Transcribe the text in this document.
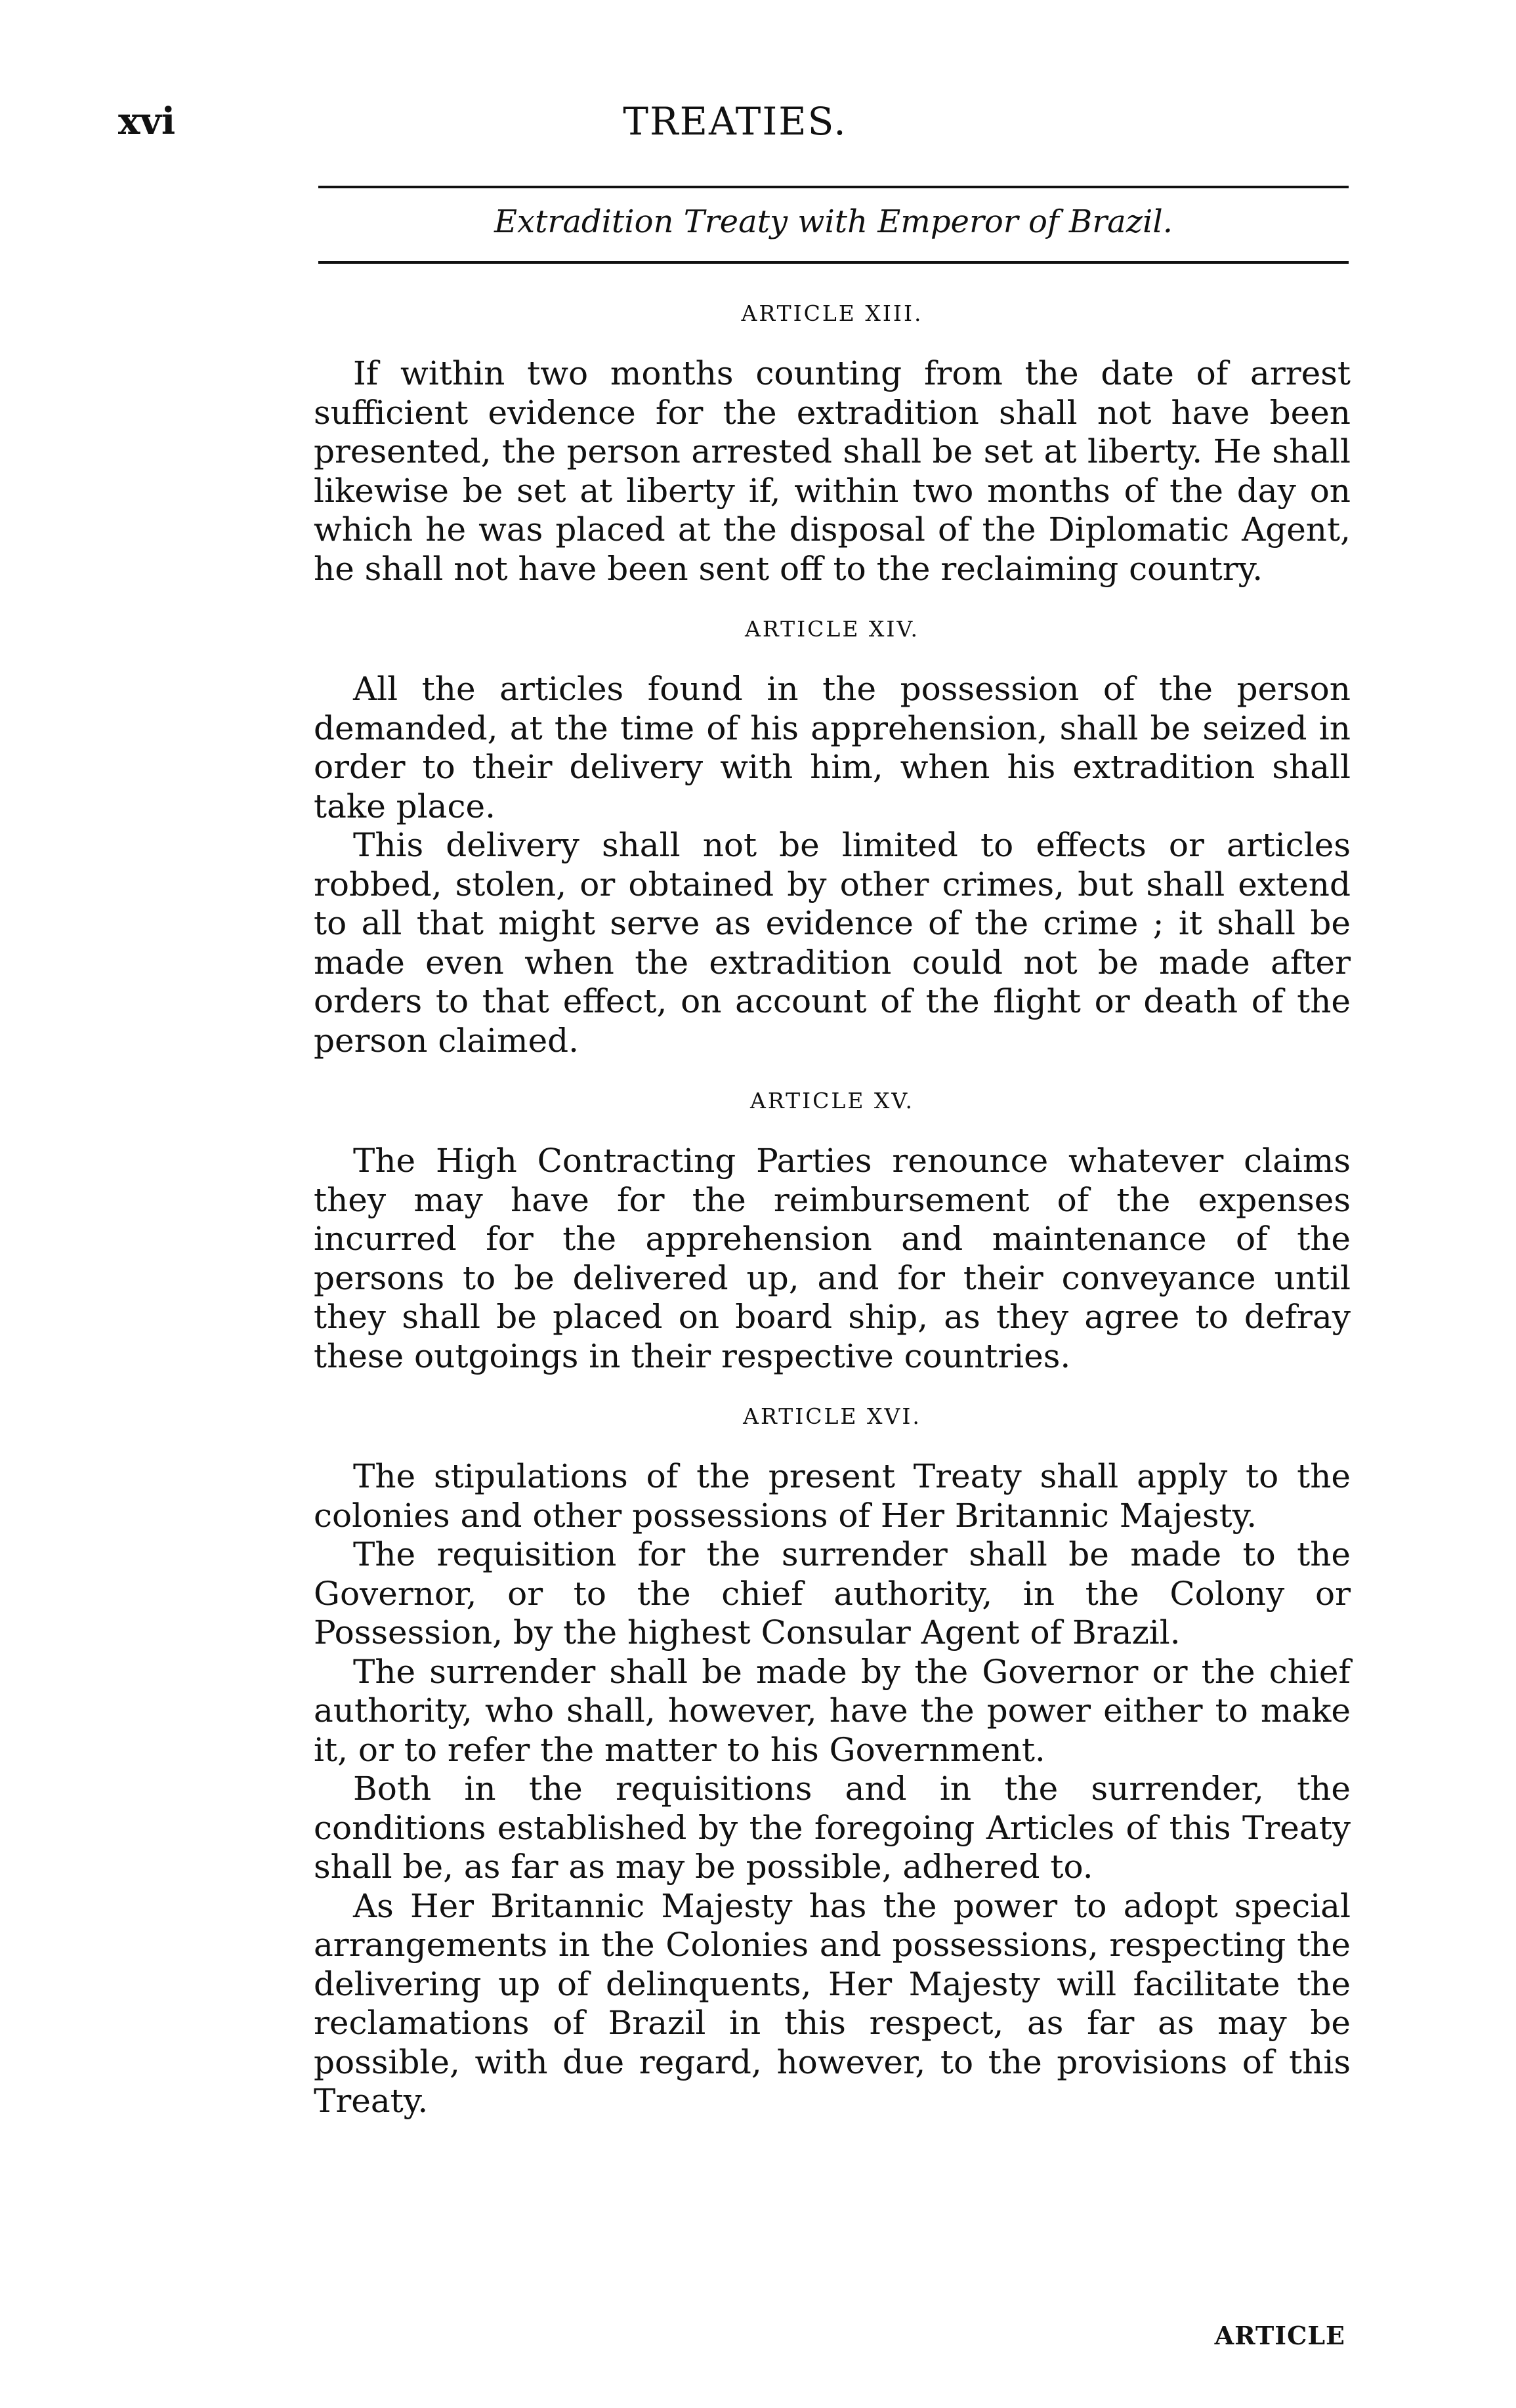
xvi	TREATIES.
Extradition Treaty with Emperor of Brazil.
ARTICLE XIII.

If within two months counting from the date of arrest sufficient evidence for the extradition shall not have been presented, the person arrested shall be set at liberty. He shall likewise be set at liberty if, within two months of the day on which he was placed at the disposal of the Diplomatic Agent, he shall not have been sent off to the reclaiming country.

ARTICLE XIV.

All the articles found in the possession of the person demanded, at the time of his apprehension, shall be seized in order to their delivery with him, when his extradition shall take place.

This delivery shall not be limited to effects or articles robbed, stolen, or obtained by other crimes, but shall extend to all that might serve as evidence of the crime ; it shall be made even when the extradition could not be made after orders to that effect, on account of the flight or death of the person claimed.

ARTICLE XV.

The High Contracting Parties renounce whatever claims they may have for the reimbursement of the expenses incurred for the apprehension and maintenance of the persons to be delivered up, and for their conveyance until they shall be placed on board ship, as they agree to defray these outgoings in their respective countries.

ARTICLE XVI.

The stipulations of the present Treaty shall apply to the colonies and other possessions of Her Britannic Majesty.

The requisition for the surrender shall be made to the Governor, or to the chief authority, in the Colony or Possession, by the highest Consular Agent of Brazil.

The surrender shall be made by the Governor or the chief authority, who shall, however, have the power either to make it, or to refer the matter to his Government.

Both in the requisitions and in the surrender, the conditions established by the foregoing Articles of this Treaty shall be, as far as may be possible, adhered to.

As Her Britannic Majesty has the power to adopt special arrangements in the Colonies and possessions, respecting the delivering up of delinquents, Her Majesty will facilitate the reclamations of Brazil in this respect, as far as may be possible, with due regard, however, to the provisions of this Treaty.

ARTICLE
